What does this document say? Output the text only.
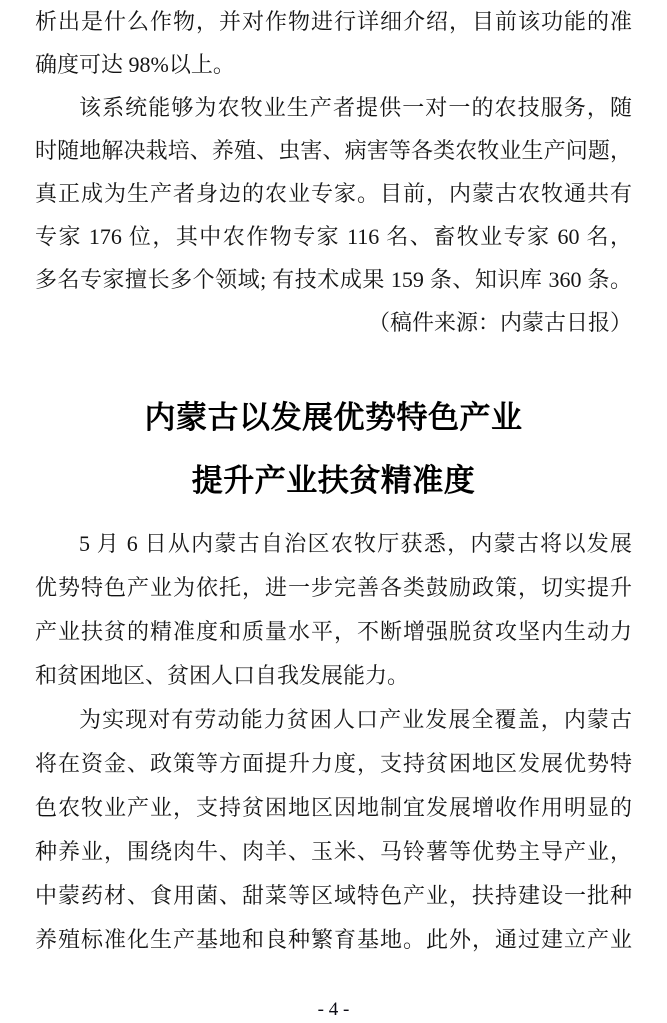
析出是什么作物，并对作物进行详细介绍，目前该功能的准
确度可达 98%以上。
该系统能够为农牧业生产者提供一对一的农技服务，随
时随地解决栽培、养殖、虫害、病害等各类农牧业生产问题，
真正成为生产者身边的农业专家。目前，内蒙古农牧通共有
专家 176 位，其中农作物专家 116 名、畜牧业专家 60 名，
多名专家擅长多个领域; 有技术成果 159 条、知识库 360 条。
（稿件来源：内蒙古日报）
内蒙古以发展优势特色产业
提升产业扶贫精准度
5 月 6 日从内蒙古自治区农牧厅获悉，内蒙古将以发展
优势特色产业为依托，进一步完善各类鼓励政策，切实提升
产业扶贫的精准度和质量水平，不断增强脱贫攻坚内生动力
和贫困地区、贫困人口自我发展能力。
为实现对有劳动能力贫困人口产业发展全覆盖，内蒙古
将在资金、政策等方面提升力度，支持贫困地区发展优势特
色农牧业产业，支持贫困地区因地制宜发展增收作用明显的
种养业，围绕肉牛、肉羊、玉米、马铃薯等优势主导产业，
中蒙药材、食用菌、甜菜等区域特色产业，扶持建设一批种
养殖标准化生产基地和良种繁育基地。此外，通过建立产业
- 4 -
